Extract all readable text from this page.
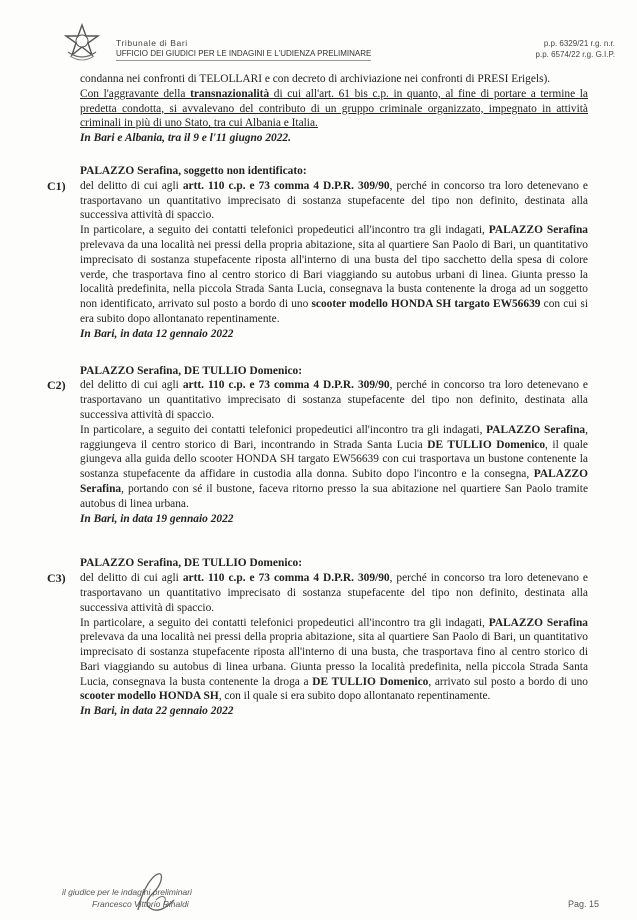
Tribunale di Bari
UFFICIO DEI GIUDICI PER LE INDAGINI E L'UDIENZA PRELIMINARE
p.p. 6329/21 r.g. n.r.
p.p. 6574/22 r.g. G.I.P.

condanna nei confronti di TELOLLARI e con decreto di archiviazione nei confronti di PRESI Erigels).

Con l'aggravante della transnazionalità di cui all'art. 61 bis c.p. in quanto, al fine di portare a termine la predetta condotta, si avvalevano del contributo di un gruppo criminale organizzato, impegnato in attività criminali in più di uno Stato, tra cui Albania e Italia.

In Bari e Albania, tra il 9 e l'11 giugno 2022.

PALAZZO Serafina, soggetto non identificato:

C1) del delitto di cui agli artt. 110 c.p. e 73 comma 4 D.P.R. 309/90, perché in concorso tra loro detenevano e trasportavano un quantitativo imprecisato di sostanza stupefacente del tipo non definito, destinata alla successiva attività di spaccio.

In particolare, a seguito dei contatti telefonici propedeutici all'incontro tra gli indagati, PALAZZO Serafina prelevava da una località nei pressi della propria abitazione, sita al quartiere San Paolo di Bari, un quantitativo imprecisato di sostanza stupefacente riposta all'interno di una busta del tipo sacchetto della spesa di colore verde, che trasportava fino al centro storico di Bari viaggiando su autobus urbani di linea. Giunta presso la località predefinita, nella piccola Strada Santa Lucia, consegnava la busta contenente la droga ad un soggetto non identificato, arrivato sul posto a bordo di uno scooter modello HONDA SH targato EW56639 con cui si era subito dopo allontanato repentinamente.

In Bari, in data 12 gennaio 2022

PALAZZO Serafina, DE TULLIO Domenico:

C2) del delitto di cui agli artt. 110 c.p. e 73 comma 4 D.P.R. 309/90, perché in concorso tra loro detenevano e trasportavano un quantitativo imprecisato di sostanza stupefacente del tipo non definito, destinata alla successiva attività di spaccio.

In particolare, a seguito dei contatti telefonici propedeutici all'incontro tra gli indagati, PALAZZO Serafina, raggiungeva il centro storico di Bari, incontrando in Strada Santa Lucia DE TULLIO Domenico, il quale giungeva alla guida dello scooter HONDA SH targato EW56639 con cui trasportava un bustone contenente la sostanza stupefacente da affidare in custodia alla donna. Subito dopo l'incontro e la consegna, PALAZZO Serafina, portando con sé il bustone, faceva ritorno presso la sua abitazione nel quartiere San Paolo tramite autobus di linea urbana.

In Bari, in data 19 gennaio 2022

PALAZZO Serafina, DE TULLIO Domenico:

C3) del delitto di cui agli artt. 110 c.p. e 73 comma 4 D.P.R. 309/90, perché in concorso tra loro detenevano e trasportavano un quantitativo imprecisato di sostanza stupefacente del tipo non definito, destinata alla successiva attività di spaccio.

In particolare, a seguito dei contatti telefonici propedeutici all'incontro tra gli indagati, PALAZZO Serafina prelevava da una località nei pressi della propria abitazione, sita al quartiere San Paolo di Bari, un quantitativo imprecisato di sostanza stupefacente riposta all'interno di una busta, che trasportava fino al centro storico di Bari viaggiando su autobus di linea urbana. Giunta presso la località predefinita, nella piccola Strada Santa Lucia, consegnava la busta contenente la droga a DE TULLIO Domenico, arrivato sul posto a bordo di uno scooter modello HONDA SH, con il quale si era subito dopo allontanato repentinamente.

In Bari, in data 22 gennaio 2022

il giudice per le indagini preliminari
Francesco Vittorio Rinaldi	Pag. 15
